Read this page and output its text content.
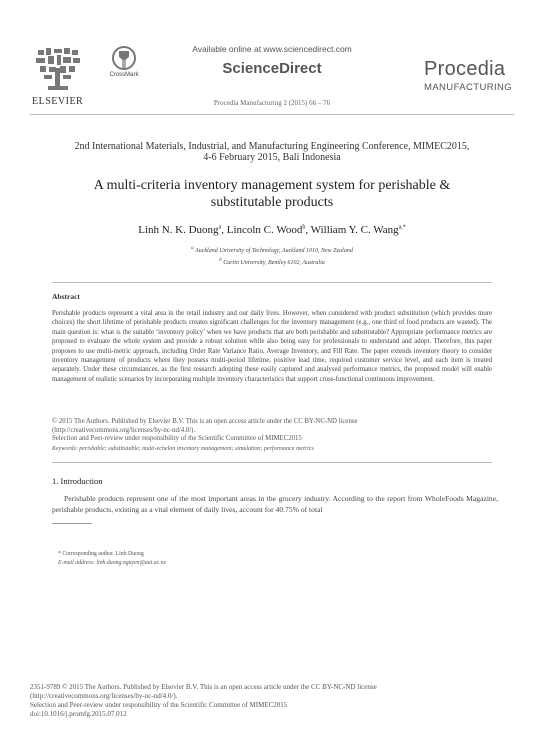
ELSEVIER
CrossMark
Available online at www.sciencedirect.com
ScienceDirect
Procedia Manufacturing 2 (2015) 66 – 76
Procedia
MANUFACTURING
2nd International Materials, Industrial, and Manufacturing Engineering Conference, MIMEC2015,
4-6 February 2015, Bali Indonesia
A multi-criteria inventory management system for perishable &
substitutable products
Linh N. K. Duong$^a$, Lincoln C. Wood$^b$, William Y. C. Wang$^{a,*}$
$^a$ Auckland University of Technology, Auckland 1010, New Zealand
$^b$ Curtin University, Bentley 6102, Australia
Abstract
Perishable products represent a vital area in the retail industry and our daily lives. However, when considered with product substitution (which provides more choices) the short lifetime of perishable products creates significant challenges for the inventory management (e.g., one third of food products are wasted). The main question is: what is the suitable ‘inventory policy’ when we have products that are both perishable and substitutable? Appropriate performance metrics are proposed to evaluate the whole system and provide a robust solution while also being easy for professionals to understand and adopt. Therefore, this paper proposes to use multi-metric approach, including Order Rate Variance Ratio, Average Inventory, and Fill Rate. The paper extends inventory theory to consider inventory management of products where they possess multi-period lifetime, positive lead time, required customer service level, and each item is treated separately. Under these circumstances, as the first research adopting these easily captured and analysed performance metrics, the proposed model will enable management of realistic scenarios by incorporating multiple inventory characteristics that support cross-functional continuous improvement.
© 2015 The Authors. Published by Elsevier B.V. This is an open access article under the CC BY-NC-ND license
(http://creativecommons.org/licenses/by-nc-nd/4.0/).
Selection and Peer-review under responsibility of the Scientific Committee of MIMEC2015
Keywords: perishable; substitutable; multi-echelon inventory management; simulation; performance metrics
1. Introduction
Perishable products represent one of the most important areas in the grocery industry. According to the report from WholeFoods Magazine, perishable products, existing as a vital element of daily lives, account for 40.75% of total
* Corresponding author. Linh Duong
E-mail address: linh.duong.nguyen@aut.ac.nz
2351-9789 © 2015 The Authors. Published by Elsevier B.V. This is an open access article under the CC BY-NC-ND license
(http://creativecommons.org/licenses/by-nc-nd/4.0/).
Selection and Peer-review under responsibility of the Scientific Committee of MIMEC2015
doi:10.1016/j.promfg.2015.07.012
